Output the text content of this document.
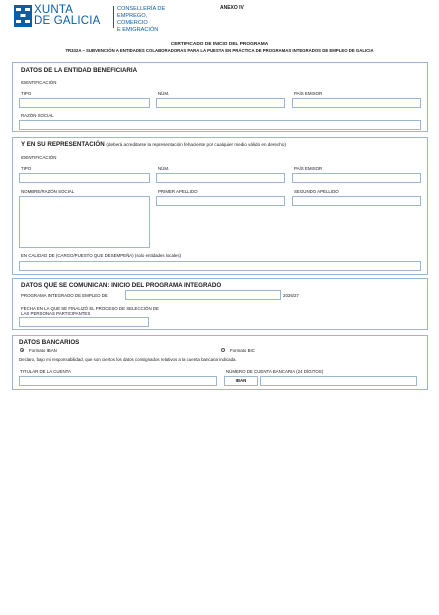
XUNTA
DE GALICIA
CONSELLERÍA DE
EMPREGO, COMERCIO
E EMIGRACIÓN
ANEXO IV
CERTIFICADO DE INICIO DEL PROGRAMA
TR332A – SUBVENCIÓN A ENTIDADES COLABORADORAS PARA LA PUESTA EN PRÁCTICA DE PROGRAMAS INTEGRADOS DE EMPLEO DE GALICIA
DATOS DE LA ENTIDAD BENEFICIARIA
IDENTIFICACIÓN
TIPO	NÚM.	PAÍS EMISOR
RAZÓN SOCIAL
Y EN SU REPRESENTACIÓN (deberá acreditarse la representación fehaciente por cualquier medio válido en derecho)
IDENTIFICACIÓN
TIPO	NÚM.	PAÍS EMISOR
NOMBRE/RAZÓN SOCIAL	PRIMER APELLIDO	SEGUNDO APELLIDO
EN CALIDAD DE (CARGO/PUESTO QUE DESEMPEÑA) (solo entidades locales)
DATOS QUE SE COMUNICAN: INICIO DEL PROGRAMA INTEGRADO
PROGRAMA INTEGRADO DE EMPLEO DE	2026/27
FECHA EN LA QUE SE FINALIZÓ EL PROCESO DE SELECCIÓN DE LAS PERSONAS PARTICIPANTES
DATOS BANCARIOS
Formato IBAN	Formato BIC
Declaro, bajo mi responsabilidad, que son ciertos los datos consignados relativos a la cuenta bancaria indicada.
TITULAR DE LA CUENTA	NÚMERO DE CUENTA BANCARIA (24 DÍGITOS)
IBAN
